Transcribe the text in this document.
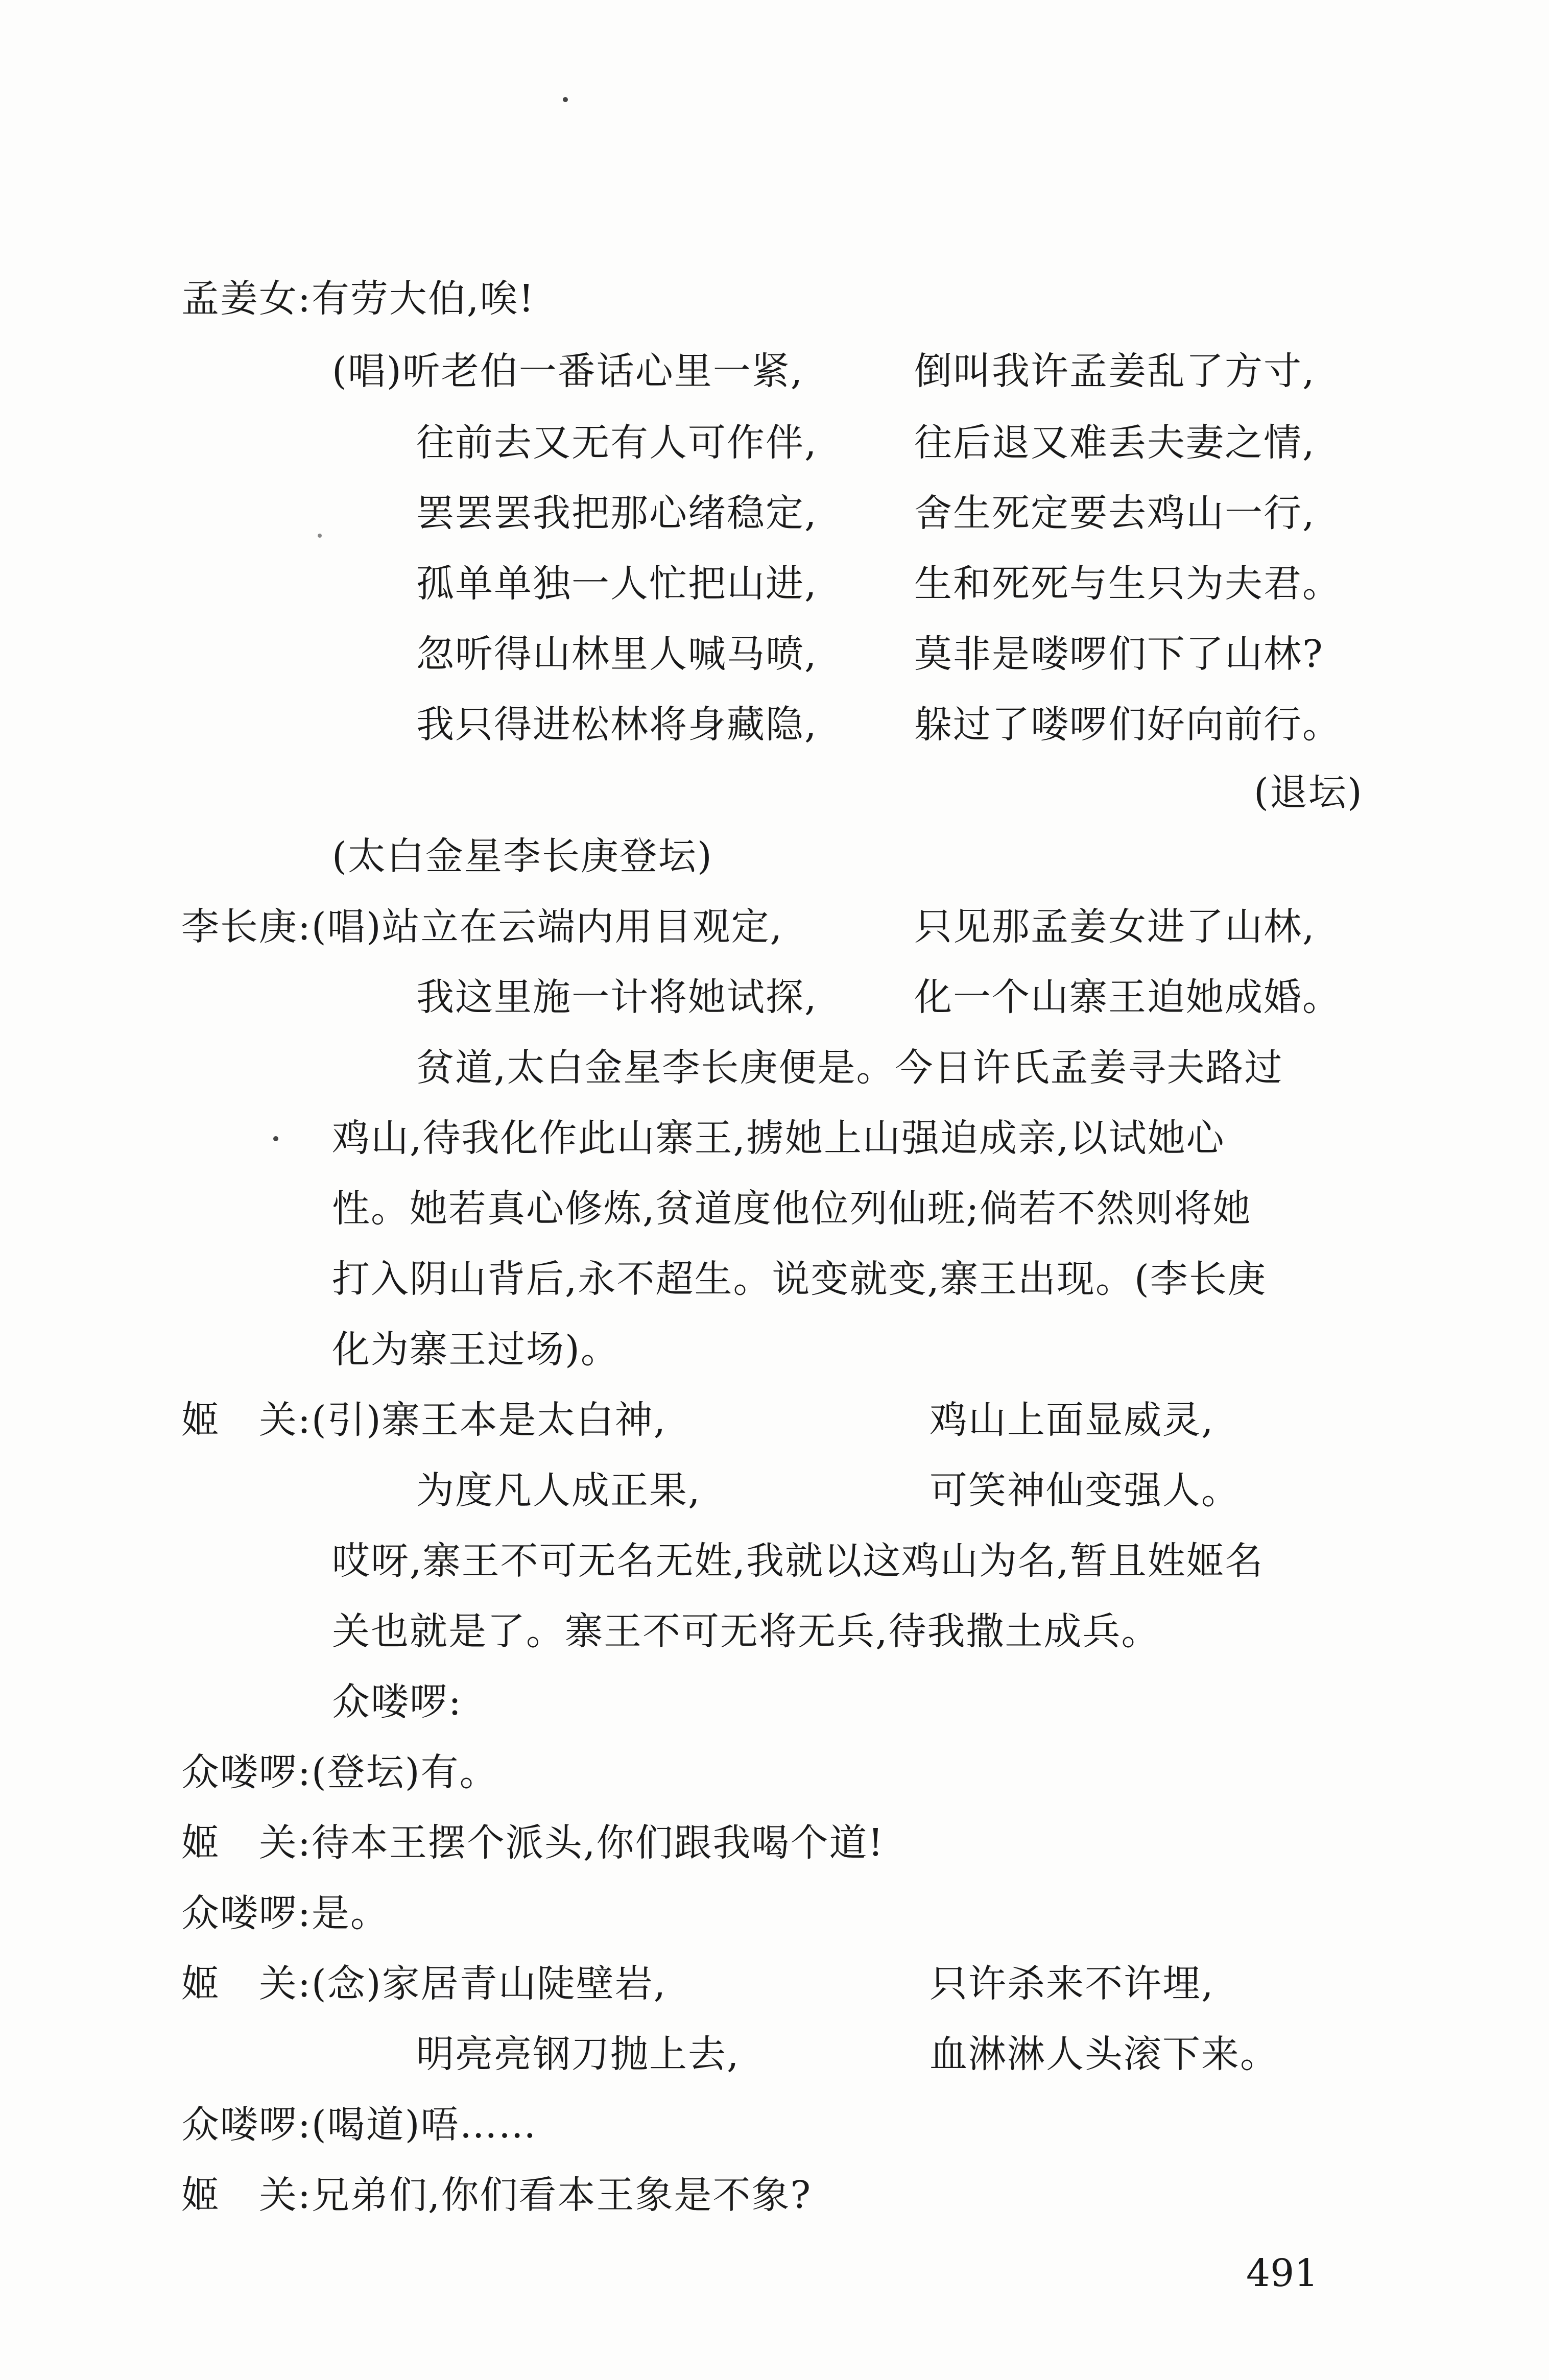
孟姜女:有劳大伯,唉!
(唱)听老伯一番话心里一紧,	倒叫我许孟姜乱了方寸,
往前去又无有人可作伴,	往后退又难丢夫妻之情,
罢罢罢我把那心绪稳定,	舍生死定要去鸡山一行,
孤单单独一人忙把山进,	生和死死与生只为夫君。
忽听得山林里人喊马喷,	莫非是喽啰们下了山林?
我只得进松林将身藏隐,	躲过了喽啰们好向前行。
(退坛)
(太白金星李长庚登坛)
李长庚:(唱)站立在云端内用目观定,	只见那孟姜女进了山林,
我这里施一计将她试探,	化一个山寨王迫她成婚。
贫道,太白金星李长庚便是。今日许氏孟姜寻夫路过
鸡山,待我化作此山寨王,掳她上山强迫成亲,以试她心
性。她若真心修炼,贫道度他位列仙班;倘若不然则将她
打入阴山背后,永不超生。说变就变,寨王出现。(李长庚
化为寨王过场)。
姬　关:(引)寨王本是太白神,	鸡山上面显威灵,
为度凡人成正果,	可笑神仙变强人。
哎呀,寨王不可无名无姓,我就以这鸡山为名,暂且姓姬名
关也就是了。寨王不可无将无兵,待我撒土成兵。
众喽啰:
众喽啰:(登坛)有。
姬　关:待本王摆个派头,你们跟我喝个道!
众喽啰:是。
姬　关:(念)家居青山陡壁岩,	只许杀来不许埋,
明亮亮钢刀抛上去,	血淋淋人头滚下来。
众喽啰:(喝道)唔……
姬　关:兄弟们,你们看本王象是不象?
491
